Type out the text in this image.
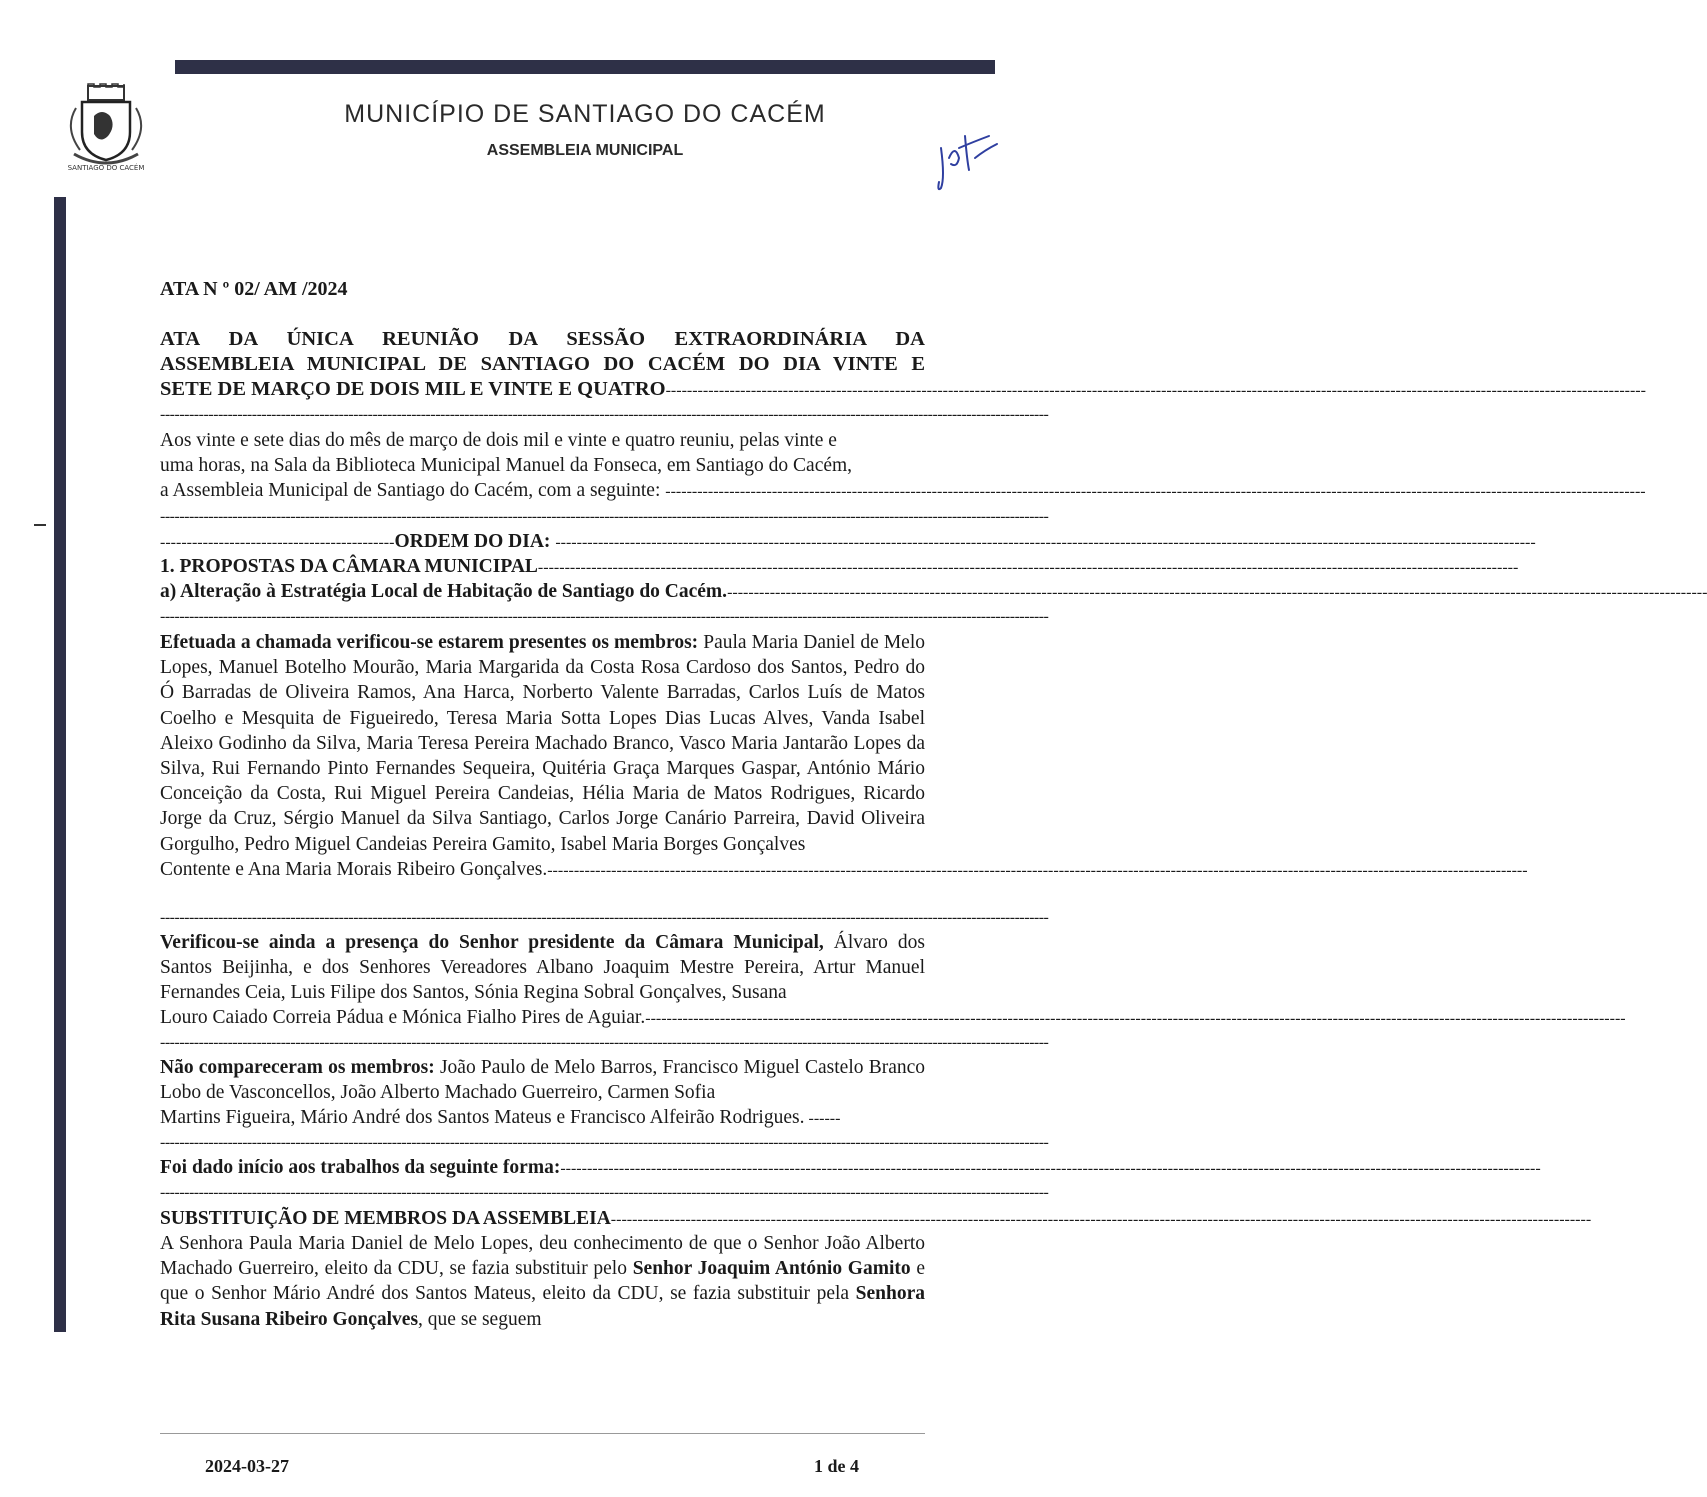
SANTIAGO DO CACÉM
MUNICÍPIO DE SANTIAGO DO CACÉM
ASSEMBLEIA MUNICIPAL
ATA N º 02/ AM /2024
ATA DA ÚNICA REUNIÃO DA SESSÃO EXTRAORDINÁRIA DA
ASSEMBLEIA MUNICIPAL DE SANTIAGO DO CACÉM DO DIA VINTE E
SETE DE MARÇO DE DOIS MIL E VINTE E QUATRO----------------------------------------------------------------------------------------------------------------------------------------------------------------------------------------
----------------------------------------------------------------------------------------------------------------------------------------------------------------------------------------
Aos vinte e sete dias do mês de março de dois mil e vinte e quatro reuniu, pelas vinte e
uma horas, na Sala da Biblioteca Municipal Manuel da Fonseca, em Santiago do Cacém,
a Assembleia Municipal de Santiago do Cacém, com a seguinte: ----------------------------------------------------------------------------------------------------------------------------------------------------------------------------------------
----------------------------------------------------------------------------------------------------------------------------------------------------------------------------------------
--------------------------------------------ORDEM DO DIA: ----------------------------------------------------------------------------------------------------------------------------------------------------------------------------------------
1. PROPOSTAS DA CÂMARA MUNICIPAL----------------------------------------------------------------------------------------------------------------------------------------------------------------------------------------
a) Alteração à Estratégia Local de Habitação de Santiago do Cacém.----------------------------------------------------------------------------------------------------------------------------------------------------------------------------------------
----------------------------------------------------------------------------------------------------------------------------------------------------------------------------------------
Efetuada a chamada verificou-se estarem presentes os membros: Paula Maria Daniel de Melo Lopes, Manuel Botelho Mourão, Maria Margarida da Costa Rosa Cardoso dos Santos, Pedro do Ó Barradas de Oliveira Ramos, Ana Harca, Norberto Valente Barradas, Carlos Luís de Matos Coelho e Mesquita de Figueiredo, Teresa Maria Sotta Lopes Dias Lucas Alves, Vanda Isabel Aleixo Godinho da Silva, Maria Teresa Pereira Machado Branco, Vasco Maria Jantarão Lopes da Silva, Rui Fernando Pinto Fernandes Sequeira, Quitéria Graça Marques Gaspar, António Mário Conceição da Costa, Rui Miguel Pereira Candeias, Hélia Maria de Matos Rodrigues, Ricardo Jorge da Cruz, Sérgio Manuel da Silva Santiago, Carlos Jorge Canário Parreira, David Oliveira Gorgulho, Pedro Miguel Candeias Pereira Gamito, Isabel Maria Borges Gonçalves
Contente e Ana Maria Morais Ribeiro Gonçalves.----------------------------------------------------------------------------------------------------------------------------------------------------------------------------------------
----------------------------------------------------------------------------------------------------------------------------------------------------------------------------------------
Verificou-se ainda a presença do Senhor presidente da Câmara Municipal, Álvaro dos Santos Beijinha, e dos Senhores Vereadores Albano Joaquim Mestre Pereira, Artur Manuel Fernandes Ceia, Luis Filipe dos Santos, Sónia Regina Sobral Gonçalves, Susana
Louro Caiado Correia Pádua e Mónica Fialho Pires de Aguiar.----------------------------------------------------------------------------------------------------------------------------------------------------------------------------------------
----------------------------------------------------------------------------------------------------------------------------------------------------------------------------------------
Não compareceram os membros: João Paulo de Melo Barros, Francisco Miguel Castelo Branco Lobo de Vasconcellos, João Alberto Machado Guerreiro, Carmen Sofia
Martins Figueira, Mário André dos Santos Mateus e Francisco Alfeirão Rodrigues. ------
----------------------------------------------------------------------------------------------------------------------------------------------------------------------------------------
Foi dado início aos trabalhos da seguinte forma:----------------------------------------------------------------------------------------------------------------------------------------------------------------------------------------
----------------------------------------------------------------------------------------------------------------------------------------------------------------------------------------
SUBSTITUIÇÃO DE MEMBROS DA ASSEMBLEIA----------------------------------------------------------------------------------------------------------------------------------------------------------------------------------------
A Senhora Paula Maria Daniel de Melo Lopes, deu conhecimento de que o Senhor João Alberto Machado Guerreiro, eleito da CDU, se fazia substituir pelo Senhor Joaquim António Gamito e que o Senhor Mário André dos Santos Mateus, eleito da CDU, se fazia substituir pela Senhora Rita Susana Ribeiro Gonçalves, que se seguem
2024-03-27	1 de 4
